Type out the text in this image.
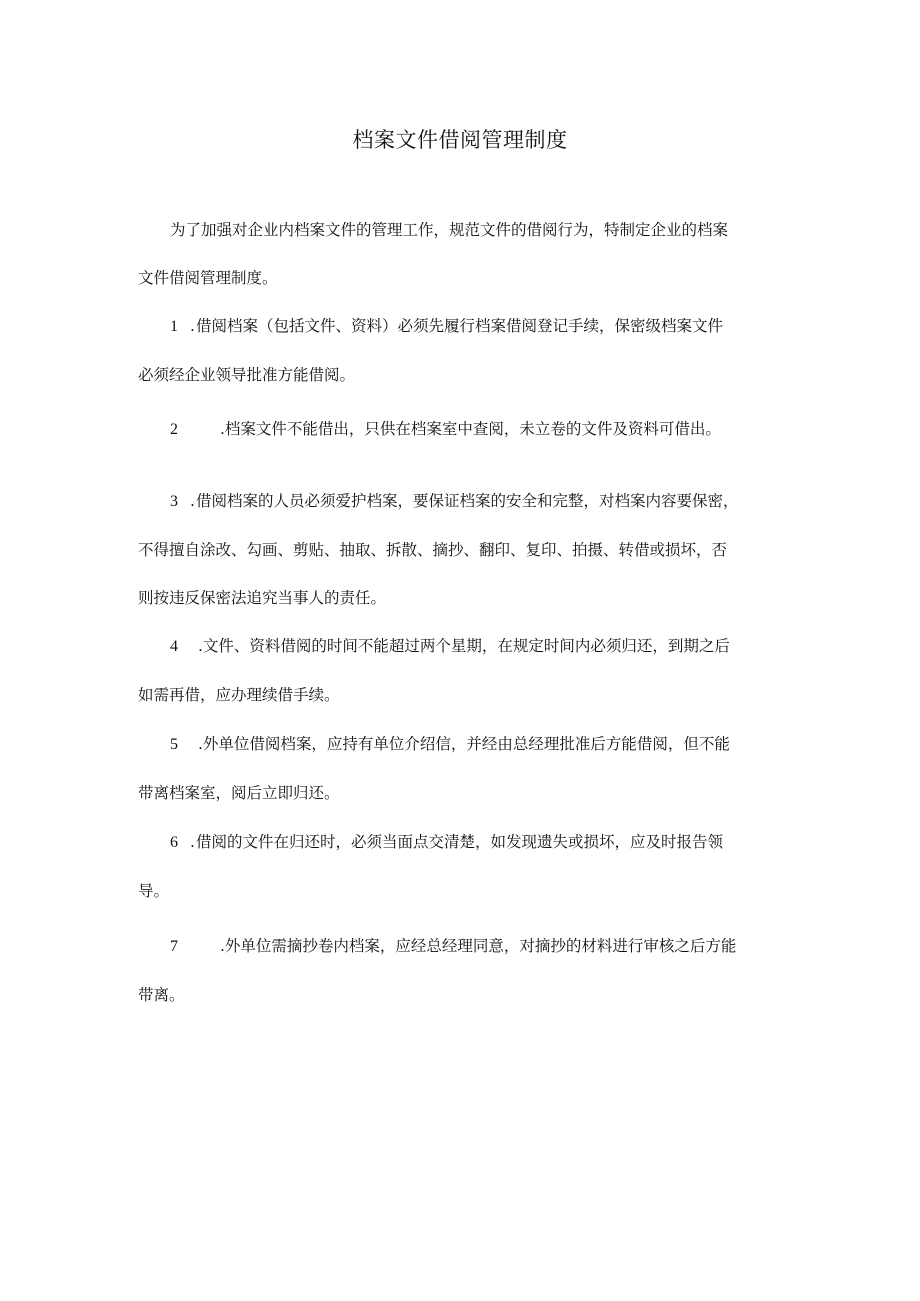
档案文件借阅管理制度
为了加强对企业内档案文件的管理工作，规范文件的借阅行为，特制定企业的档案
文件借阅管理制度。
1 .借阅档案（包括文件、资料）必须先履行档案借阅登记手续，保密级档案文件
必须经企业领导批准方能借阅。
2	.档案文件不能借出，只供在档案室中查阅，未立卷的文件及资料可借出。
3 .借阅档案的人员必须爱护档案，要保证档案的安全和完整，对档案内容要保密，
不得擅自涂改、勾画、剪贴、抽取、拆散、摘抄、翻印、复印、拍摄、转借或损坏，否
则按违反保密法追究当事人的责任。
4 .文件、资料借阅的时间不能超过两个星期，在规定时间内必须归还，到期之后
如需再借，应办理续借手续。
5 .外单位借阅档案，应持有单位介绍信，并经由总经理批准后方能借阅，但不能
带离档案室，阅后立即归还。
6 .借阅的文件在归还时，必须当面点交清楚，如发现遗失或损坏，应及时报告领
导。
7	.外单位需摘抄卷内档案，应经总经理同意，对摘抄的材料进行审核之后方能
带离。
